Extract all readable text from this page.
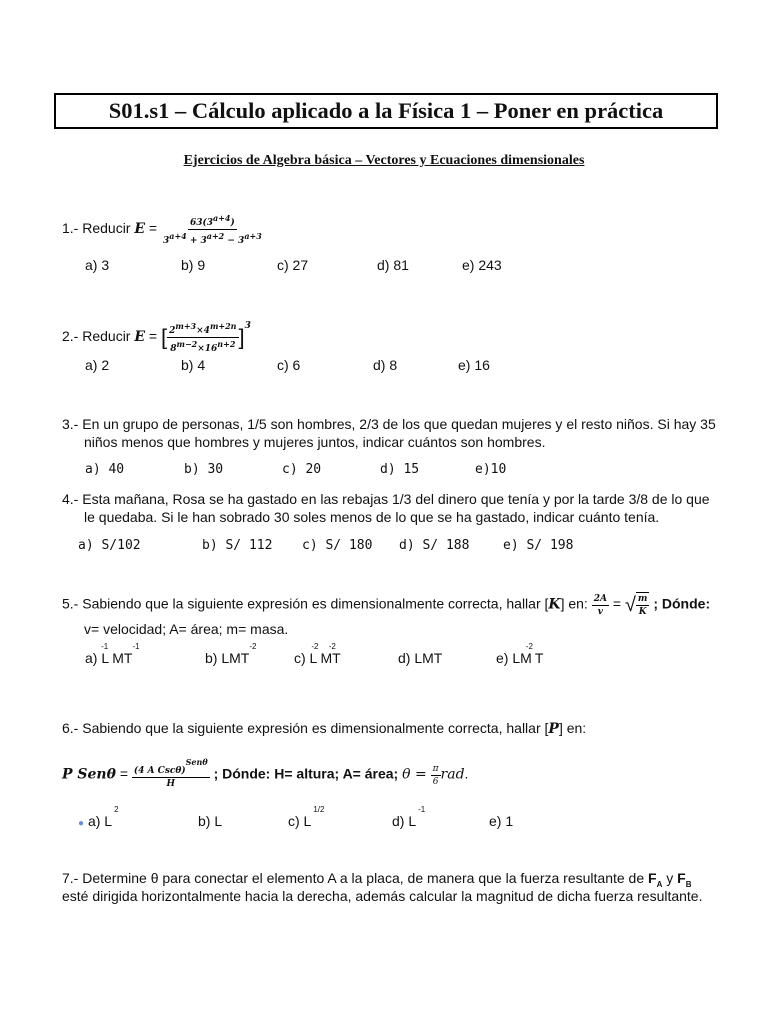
S01.s1 – Cálculo aplicado a la Física 1 – Poner en práctica
Ejercicios de Algebra básica – Vectores y Ecuaciones dimensionales
1.- Reducir $E = \frac{63(3^{a+4})}{3^{a+4} + 3^{a+2} - 3^{a+3}}$
a) 3	b) 9	c) 27	d) 81	e) 243
2.- Reducir E = [ $\frac{2^{m+3}\times 4^{m+2n}}{8^{m-2}\times 16^{n+2}} ]^3$
a) 2	b) 4	c) 6	d) 8	e) 16
3.- En un grupo de personas, 1/5 son hombres, 2/3 de los que quedan mujeres y el resto niños. Si hay 35
niños menos que hombres y mujeres juntos, indicar cuántos son hombres.
a) 40	b) 30	c) 20	d) 15	e)10
4.- Esta mañana, Rosa se ha gastado en las rebajas 1/3 del dinero que tenía y por la tarde 3/8 de lo que
le quedaba. Si le han sobrado 30 soles menos de lo que se ha gastado, indicar cuánto tenía.
a) S/102	b) S/ 112 c) S/ 180 d) S/ 188	e) S/ 198
5.- Sabiendo que la siguiente expresión es dimensionalmente correcta, hallar [K] en: $\frac{2A}{v}$ = √ $\frac{m}{K}$ ; Dónde:
v= velocidad; A= área; m= masa.
a) $L^{-1}MT^{-1}$
b) $LMT^{-2}$
c) $L^{-2}MT^{-2}$
d) LMT	e) $LM^{-2}T$
6.- Sabiendo que la siguiente expresión es dimensionalmente correcta, hallar [P] en:
P $Sen\theta = \frac{(4 A Csc\theta)^{Sen\theta}}{H}$ ; Dónde: H= altura; A= área; $\theta = \frac{\pi}{6}$ rad.
● a) $L^2$
b) L	c) $L^{1/2}$
d) $L^{-1}$
e) 1
7.- Determine θ para conectar el elemento A a la placa, de manera que la fuerza resultante de $F_A$ y $F_B$
esté dirigida horizontalmente hacia la derecha, además calcular la magnitud de dicha fuerza resultante.
